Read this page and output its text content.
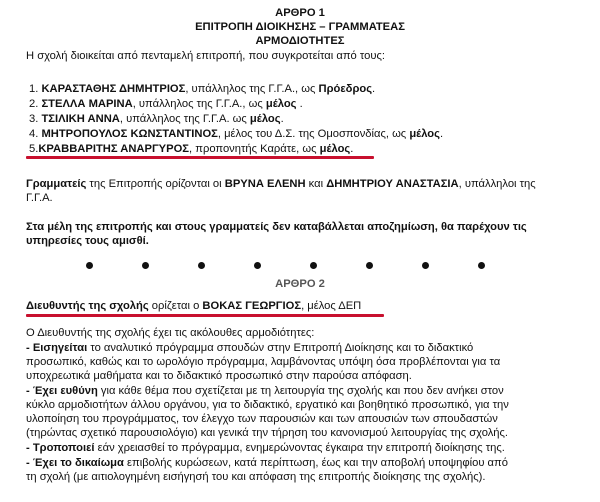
ΑΡΘΡΟ 1
ΕΠΙΤΡΟΠΗ ΔΙΟΙΚΗΣΗΣ – ΓΡΑΜΜΑΤΕΑΣ
ΑΡΜΟΔΙΟΤΗΤΕΣ
Η σχολή διοικείται από πενταμελή επιτροπή, που συγκροτείται από τους:
1. ΚΑΡΑΣΤΑΘΗΣ ΔΗΜΗΤΡΙΟΣ, υπάλληλος της Γ.Γ.Α., ως Πρόεδρος.
2. ΣΤΕΛΛΑ ΜΑΡΙΝΑ, υπάλληλος της Γ.Γ.Α., ως μέλος .
3. ΤΣΙΛΙΚΗ ΑΝΝΑ, υπάλληλος της Γ.Γ.Α. ως μέλος.
4. ΜΗΤΡΟΠΟΥΛΟΣ ΚΩΝΣΤΑΝΤΙΝΟΣ, μέλος του Δ.Σ. της Ομοσπονδίας, ως μέλος.
5.ΚΡΑΒΒΑΡΙΤΗΣ ΑΝΑΡΓΥΡΟΣ, προπονητής Καράτε, ως μέλος.
Γραμματείς της Επιτροπής ορίζονται οι ΒΡΥΝΑ ΕΛΕΝΗ και ΔΗΜΗΤΡΙΟΥ ΑΝΑΣΤΑΣΙΑ, υπάλληλοι της
Γ.Γ.Α.
Στα μέλη της επιτροπής και στους γραμματείς δεν καταβάλλεται αποζημίωση, θα παρέχουν τις
υπηρεσίες τους αμισθί.
ΑΡΘΡΟ 2
Διευθυντής της σχολής ορίζεται ο ΒΟΚΑΣ ΓΕΩΡΓΙΟΣ, μέλος ΔΕΠ
Ο Διευθυντής της σχολής έχει τις ακόλουθες αρμοδιότητες:
- Εισηγείται το αναλυτικό πρόγραμμα σπουδών στην Επιτροπή Διοίκησης και το διδακτικό
προσωπικό, καθώς και το ωρολόγιο πρόγραμμα, λαμβάνοντας υπόψη όσα προβλέπονται για τα
υποχρεωτικά μαθήματα και το διδακτικό προσωπικό στην παρούσα απόφαση.
- Έχει ευθύνη για κάθε θέμα που σχετίζεται με τη λειτουργία της σχολής και που δεν ανήκει στον
κύκλο αρμοδιοτήτων άλλου οργάνου, για το διδακτικό, εργατικό και βοηθητικό προσωπικό, για την
υλοποίηση του προγράμματος, τον έλεγχο των παρουσιών και των απουσιών των σπουδαστών
(τηρώντας σχετικό παρουσιολόγιο) και γενικά την τήρηση του κανονισμού λειτουργίας της σχολής.
- Τροποποιεί εάν χρειασθεί το πρόγραμμα, ενημερώνοντας έγκαιρα την επιτροπή διοίκησης της.
- Έχει το δικαίωμα επιβολής κυρώσεων, κατά περίπτωση, έως και την αποβολή υποψηφίου από
τη σχολή (με αιτιολογημένη εισήγησή του και απόφαση της επιτροπής διοίκησης της σχολής).
